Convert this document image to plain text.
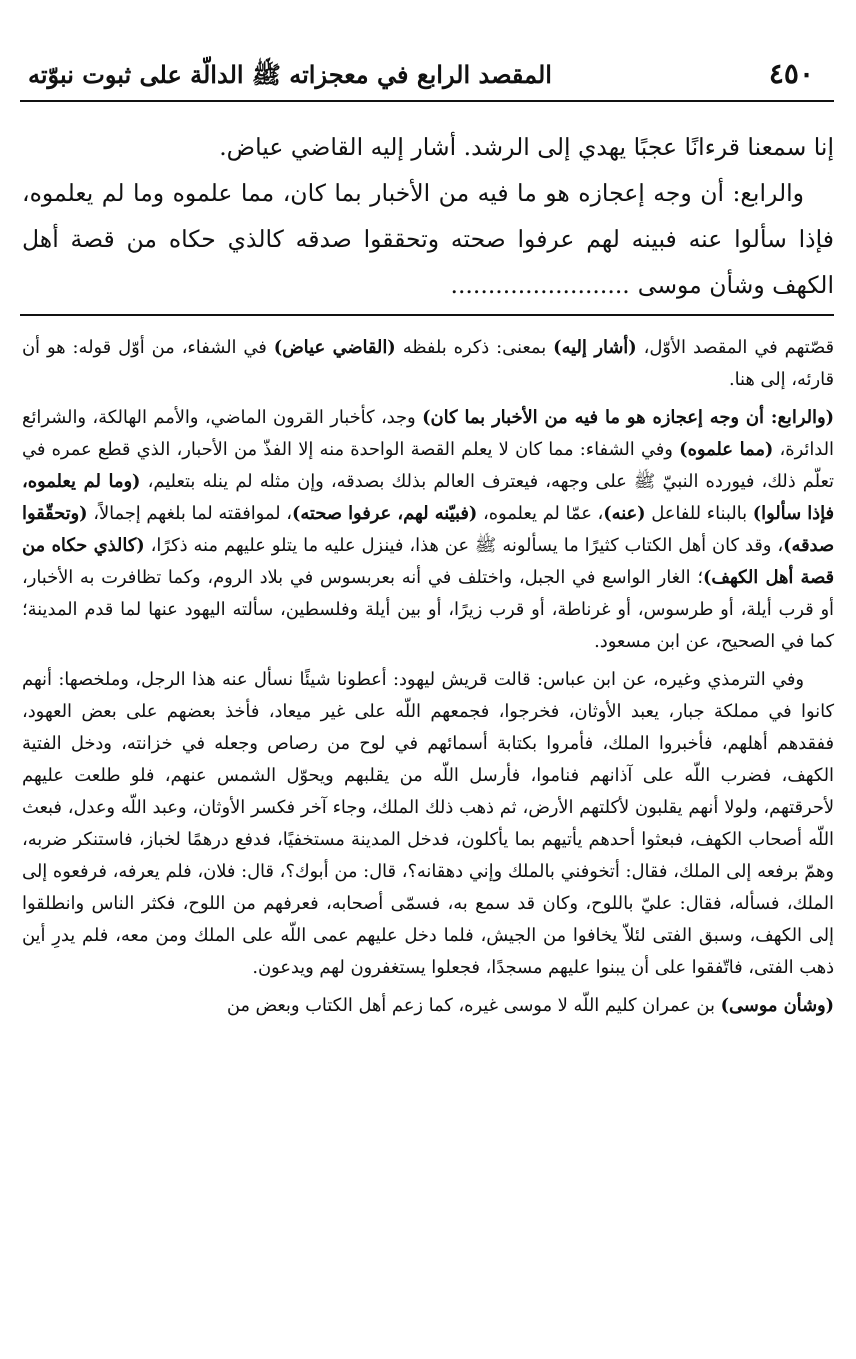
٤٥٠
المقصد الرابع في معجزاته ﷺ الدالّة على ثبوت نبوّته

إنا سمعنا قرءانًا عجبًا يهدي إلى الرشد. أشار إليه القاضي عياض.

والرابع: أن وجه إعجازه هو ما فيه من الأخبار بما كان، مما علموه وما لم يعلموه، فإذا سألوا عنه فبينه لهم عرفوا صحته وتحققوا صدقه كالذي حكاه من قصة أهل الكهف وشأن موسى........................

قصّتهم في المقصد الأوّل، (أشار إليه) بمعنى: ذكره بلفظه (القاضي عياض) في الشفاء، من أوّل قوله: هو أن قارئه، إلى هنا.

(والرابع: أن وجه إعجازه هو ما فيه من الأخبار بما كان) وجد، كأخبار القرون الماضي، والأمم الهالكة، والشرائع الدائرة، (مما علموه) وفي الشفاء: مما كان لا يعلم القصة الواحدة منه إلا الفذّ من الأحبار، الذي قطع عمره في تعلّم ذلك، فيورده النبيّ ﷺ على وجهه، فيعترف العالم بذلك بصدقه، وإن مثله لم ينله بتعليم، (وما لم يعلموه، فإذا سألوا) بالبناء للفاعل (عنه)، عمّا لم يعلموه، (فبيّنه لهم، عرفوا صحته)، لموافقته لما بلغهم إجمالاً، (وتحقّقوا صدقه)، وقد كان أهل الكتاب كثيرًا ما يسألونه ﷺ عن هذا، فينزل عليه ما يتلو عليهم منه ذكرًا، (كالذي حكاه من قصة أهل الكهف)؛ الغار الواسع في الجبل، واختلف في أنه بعربسوس في بلاد الروم، وكما تظافرت به الأخبار، أو قرب أيلة، أو طرسوس، أو غرناطة، أو قرب زيرًا، أو بين أيلة وفلسطين، سألته اليهود عنها لما قدم المدينة؛ كما في الصحيح، عن ابن مسعود.

وفي الترمذي وغيره، عن ابن عباس: قالت قريش ليهود: أعطونا شيئًا نسأل عنه هذا الرجل، وملخصها: أنهم كانوا في مملكة جبار، يعبد الأوثان، فخرجوا، فجمعهم اللّه على غير ميعاد، فأخذ بعضهم على بعض العهود، ففقدهم أهلهم، فأخبروا الملك، فأمروا بكتابة أسمائهم في لوح من رصاص وجعله في خزانته، ودخل الفتية الكهف، فضرب اللّه على آذانهم فناموا، فأرسل اللّه من يقلبهم ويحوّل الشمس عنهم، فلو طلعت عليهم لأحرقتهم، ولولا أنهم يقلبون لأكلتهم الأرض، ثم ذهب ذلك الملك، وجاء آخر فكسر الأوثان، وعبد اللّه وعدل، فبعث اللّه أصحاب الكهف، فبعثوا أحدهم يأتيهم بما يأكلون، فدخل المدينة مستخفيًا، فدفع درهمًا لخباز، فاستنكر ضربه، وهمّ برفعه إلى الملك، فقال: أتخوفني بالملك وإني دهقانه؟، قال: من أبوك؟، قال: فلان، فلم يعرفه، فرفعوه إلى الملك، فسأله، فقال: عليّ باللوح، وكان قد سمع به، فسمّى أصحابه، فعرفهم من اللوح، فكثر الناس وانطلقوا إلى الكهف، وسبق الفتى لئلاّ يخافوا من الجيش، فلما دخل عليهم عمى اللّه على الملك ومن معه، فلم يدرِ أين ذهب الفتى، فاتّفقوا على أن يبنوا عليهم مسجدًا، فجعلوا يستغفرون لهم ويدعون.

(وشأن موسى) بن عمران كليم اللّه لا موسى غيره، كما زعم أهل الكتاب وبعض من
